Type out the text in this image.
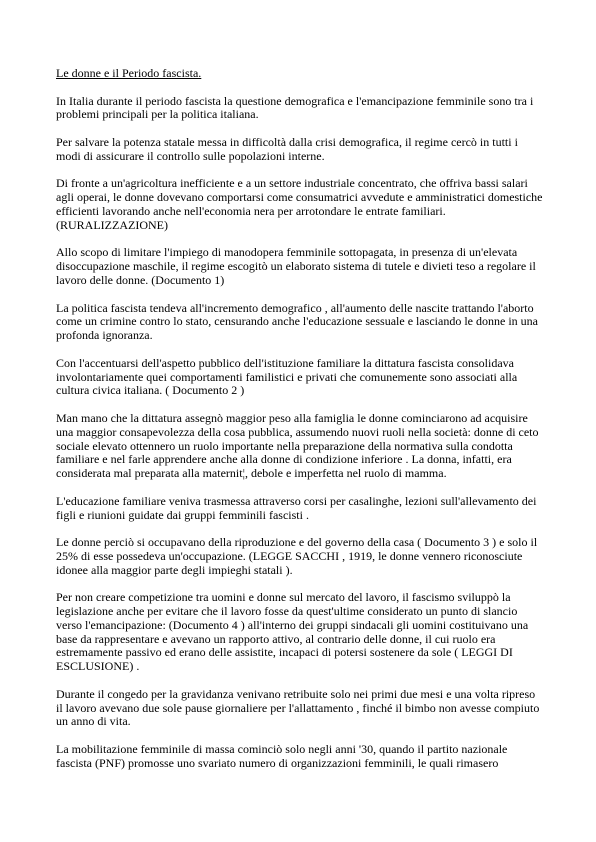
Le donne e il Periodo fascista.
In Italia durante il periodo fascista la questione demografica e l'emancipazione femminile sono tra i problemi principali per la politica italiana.
Per salvare la potenza statale messa in difficoltà dalla crisi demografica, il regime cercò in tutti i modi di assicurare il controllo sulle popolazioni interne.
Di fronte a un'agricoltura inefficiente e a un settore industriale concentrato, che offriva bassi salari agli operai, le donne dovevano comportarsi come consumatrici avvedute e amministratici domestiche efficienti lavorando anche nell'economia nera per arrotondare le entrate familiari.(RURALIZZAZIONE)
Allo scopo di limitare l'impiego di manodopera femminile sottopagata, in presenza di un'elevata disoccupazione maschile, il regime escogitò un elaborato sistema di tutele e divieti teso a regolare il lavoro delle donne. (Documento 1)
La politica fascista tendeva all'incremento demografico , all'aumento delle nascite trattando l'aborto come un crimine contro lo stato, censurando anche l'educazione sessuale e lasciando le donne in una profonda ignoranza.
Con l'accentuarsi dell'aspetto pubblico dell'istituzione familiare la dittatura fascista consolidava involontariamente quei comportamenti familistici e privati che comunemente sono associati alla cultura civica italiana. ( Documento 2 )
Man mano che la dittatura assegnò maggior peso alla famiglia le donne cominciarono ad acquisire una maggior consapevolezza della cosa pubblica, assumendo nuovi ruoli nella società: donne di ceto sociale elevato ottennero un ruolo importante nella preparazione della normativa sulla condotta familiare e nel farle apprendere anche alla donne di condizione inferiore . La donna, infatti, era considerata mal preparata alla maternit¦, debole e imperfetta nel ruolo di mamma.
L'educazione familiare veniva trasmessa attraverso corsi per casalinghe, lezioni sull'allevamento dei figli e riunioni guidate dai gruppi femminili fascisti .
Le donne perciò si occupavano della riproduzione e del governo della casa ( Documento 3 ) e solo il 25% di esse possedeva un'occupazione. (LEGGE SACCHI , 1919, le donne vennero riconosciute idonee alla maggior parte degli impieghi statali ).
Per non creare competizione tra uomini e donne sul mercato del lavoro, il fascismo sviluppò la legislazione anche per evitare che il lavoro fosse da quest'ultime considerato un punto di slancio verso l'emancipazione: (Documento 4 ) all'interno dei gruppi sindacali gli uomini costituivano una base da rappresentare e avevano un rapporto attivo, al contrario delle donne, il cui ruolo era estremamente passivo ed erano delle assistite, incapaci di potersi sostenere da sole ( LEGGI DI ESCLUSIONE) .
Durante il congedo per la gravidanza venivano retribuite solo nei primi due mesi e una volta ripreso il lavoro avevano due sole pause giornaliere per l'allattamento , finché il bimbo non avesse compiuto un anno di vita.
La mobilitazione femminile di massa cominciò solo negli anni '30, quando il partito nazionale fascista (PNF) promosse uno svariato numero di organizzazioni femminili, le quali rimasero
